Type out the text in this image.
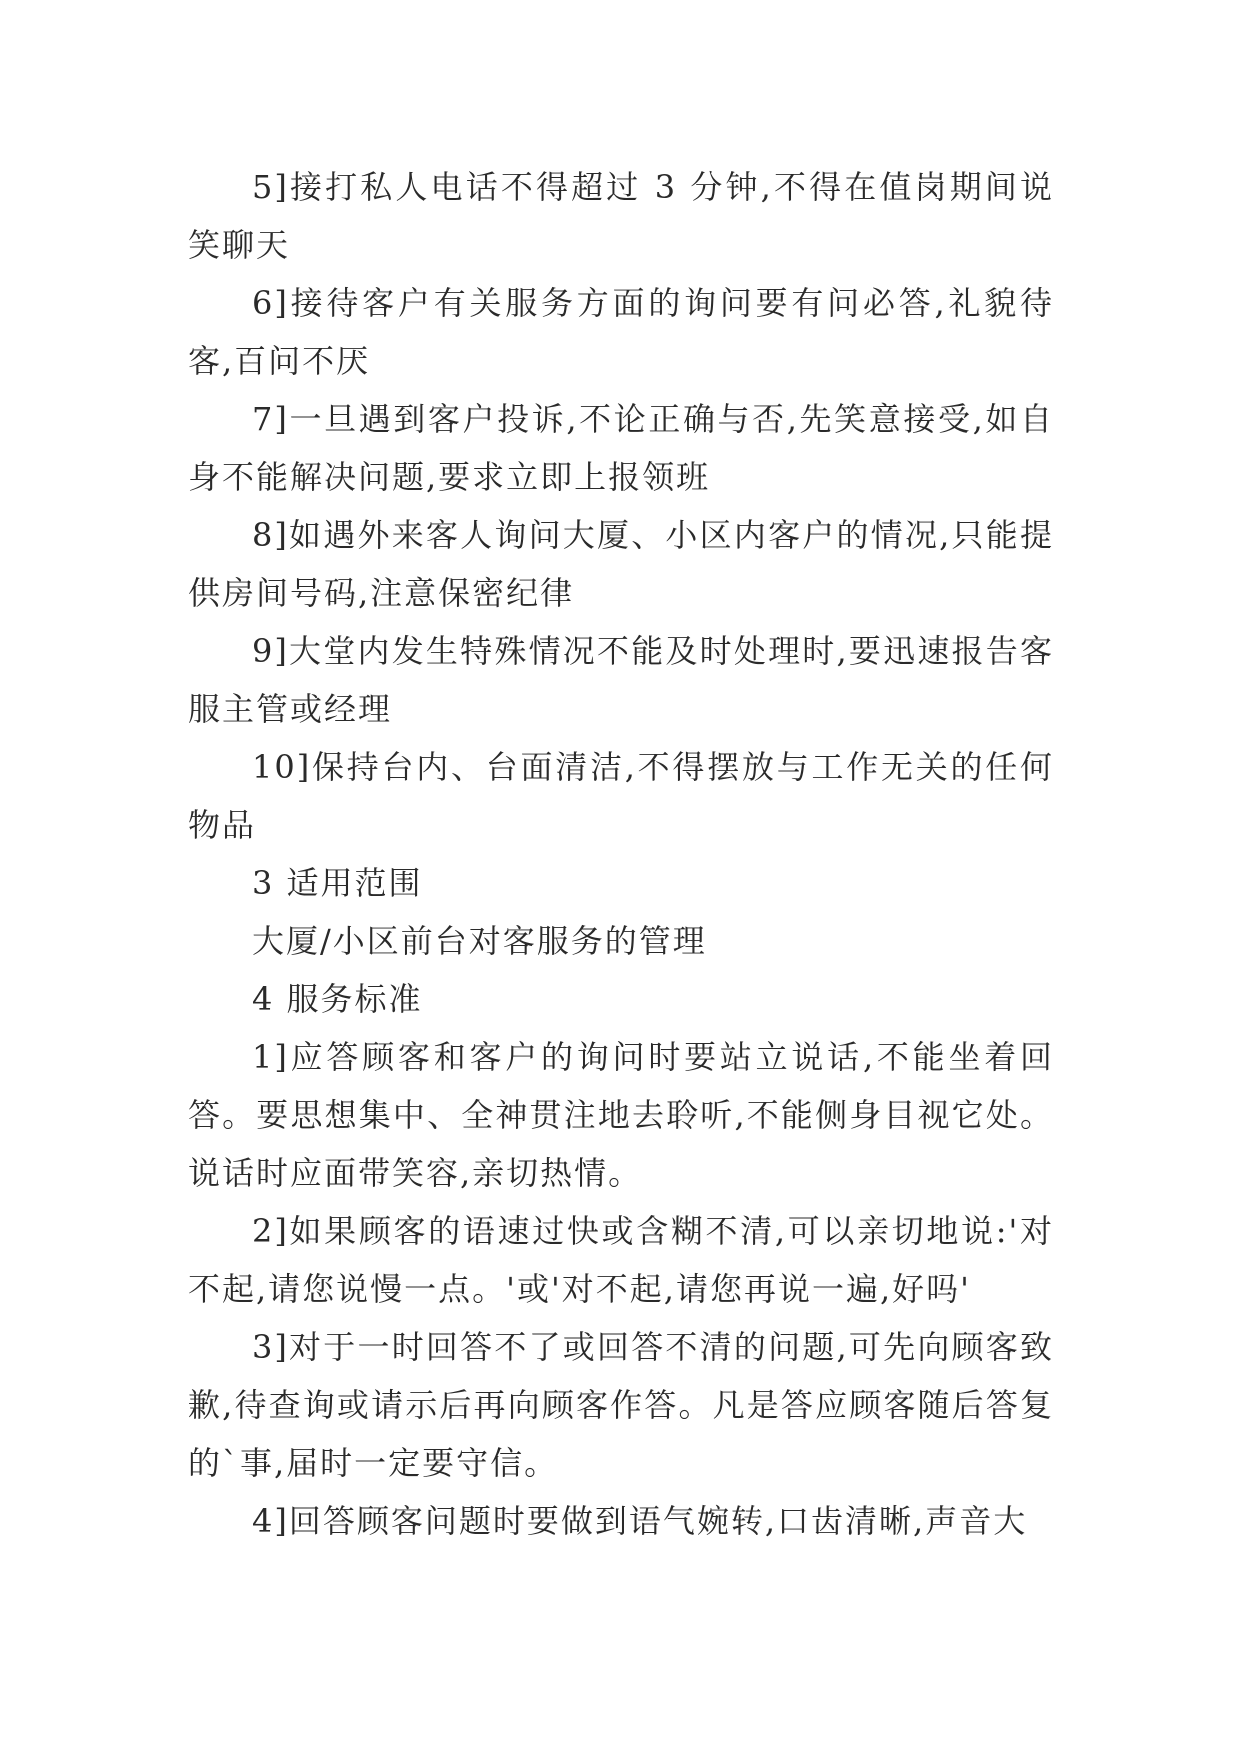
5]接打私人电话不得超过 3 分钟,不得在值岗期间说笑聊天

6]接待客户有关服务方面的询问要有问必答,礼貌待客,百问不厌

7]一旦遇到客户投诉,不论正确与否,先笑意接受,如自身不能解决问题,要求立即上报领班

8]如遇外来客人询问大厦、小区内客户的情况,只能提供房间号码,注意保密纪律

9]大堂内发生特殊情况不能及时处理时,要迅速报告客服主管或经理

10]保持台内、台面清洁,不得摆放与工作无关的任何物品

3 适用范围

大厦/小区前台对客服务的管理

4 服务标准

1]应答顾客和客户的询问时要站立说话,不能坐着回答。要思想集中、全神贯注地去聆听,不能侧身目视它处。说话时应面带笑容,亲切热情。

2]如果顾客的语速过快或含糊不清,可以亲切地说:'对不起,请您说慢一点。'或'对不起,请您再说一遍,好吗'

3]对于一时回答不了或回答不清的问题,可先向顾客致歉,待查询或请示后再向顾客作答。凡是答应顾客随后答复的`事,届时一定要守信。

4]回答顾客问题时要做到语气婉转,口齿清晰,声音大
